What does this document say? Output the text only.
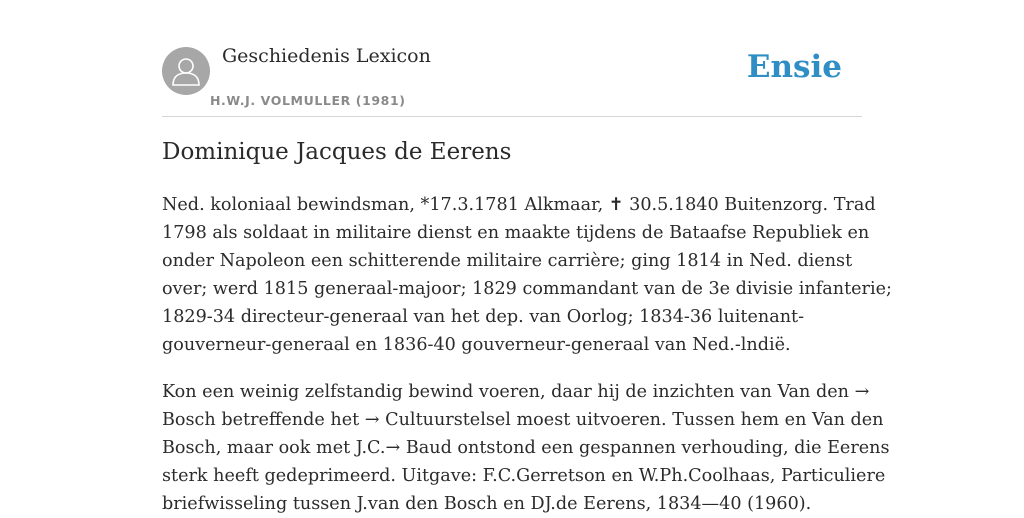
Geschiedenis Lexicon
H.W.J. VOLMULLER (1981)
Ensie
Dominique Jacques de Eerens

Ned. koloniaal bewindsman, *17.3.1781 Alkmaar, ✝ 30.5.1840 Buitenzorg. Trad
1798 als soldaat in militaire dienst en maakte tijdens de Bataafse Republiek en
onder Napoleon een schitterende militaire carrière; ging 1814 in Ned. dienst
over; werd 1815 generaal-majoor; 1829 commandant van de 3e divisie infanterie;
1829-34 directeur-generaal van het dep. van Oorlog; 1834-36 luitenant-
gouverneur-generaal en 1836-40 gouverneur-generaal van Ned.-lndië.

Kon een weinig zelfstandig bewind voeren, daar hij de inzichten van Van den →
Bosch betreffende het → Cultuurstelsel moest uitvoeren. Tussen hem en Van den
Bosch, maar ook met J.C.→ Baud ontstond een gespannen verhouding, die Eerens
sterk heeft gedeprimeerd. Uitgave: F.C.Gerretson en W.Ph.Coolhaas, Particuliere
briefwisseling tussen J.van den Bosch en DJ.de Eerens, 1834—40 (1960).
